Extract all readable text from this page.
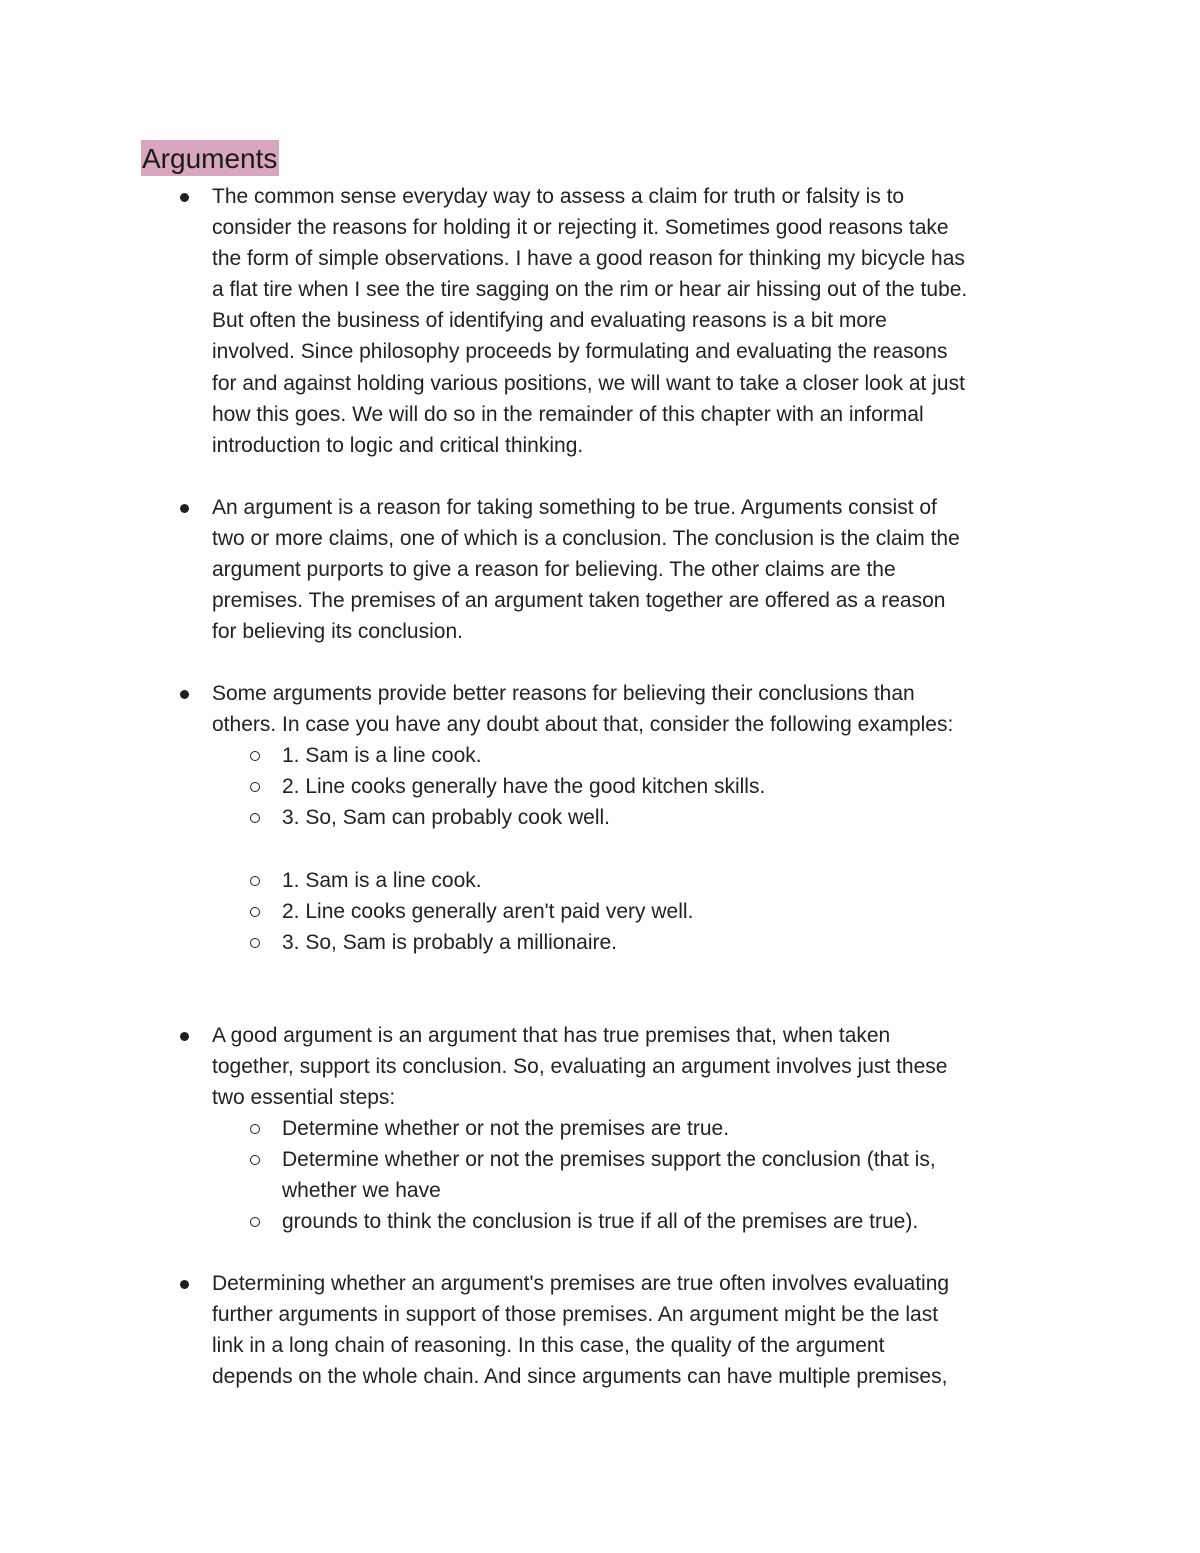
Arguments
The common sense everyday way to assess a claim for truth or falsity is to
consider the reasons for holding it or rejecting it. Sometimes good reasons take
the form of simple observations. I have a good reason for thinking my bicycle has
a flat tire when I see the tire sagging on the rim or hear air hissing out of the tube.
But often the business of identifying and evaluating reasons is a bit more
involved. Since philosophy proceeds by formulating and evaluating the reasons
for and against holding various positions, we will want to take a closer look at just
how this goes. We will do so in the remainder of this chapter with an informal
introduction to logic and critical thinking.
An argument is a reason for taking something to be true. Arguments consist of
two or more claims, one of which is a conclusion. The conclusion is the claim the
argument purports to give a reason for believing. The other claims are the
premises. The premises of an argument taken together are offered as a reason
for believing its conclusion.
Some arguments provide better reasons for believing their conclusions than
others. In case you have any doubt about that, consider the following examples:
1. Sam is a line cook.
2. Line cooks generally have the good kitchen skills.
3. So, Sam can probably cook well.
1. Sam is a line cook.
2. Line cooks generally aren't paid very well.
3. So, Sam is probably a millionaire.
A good argument is an argument that has true premises that, when taken
together, support its conclusion. So, evaluating an argument involves just these
two essential steps:
Determine whether or not the premises are true.
Determine whether or not the premises support the conclusion (that is,
whether we have
grounds to think the conclusion is true if all of the premises are true).
Determining whether an argument's premises are true often involves evaluating
further arguments in support of those premises. An argument might be the last
link in a long chain of reasoning. In this case, the quality of the argument
depends on the whole chain. And since arguments can have multiple premises,
